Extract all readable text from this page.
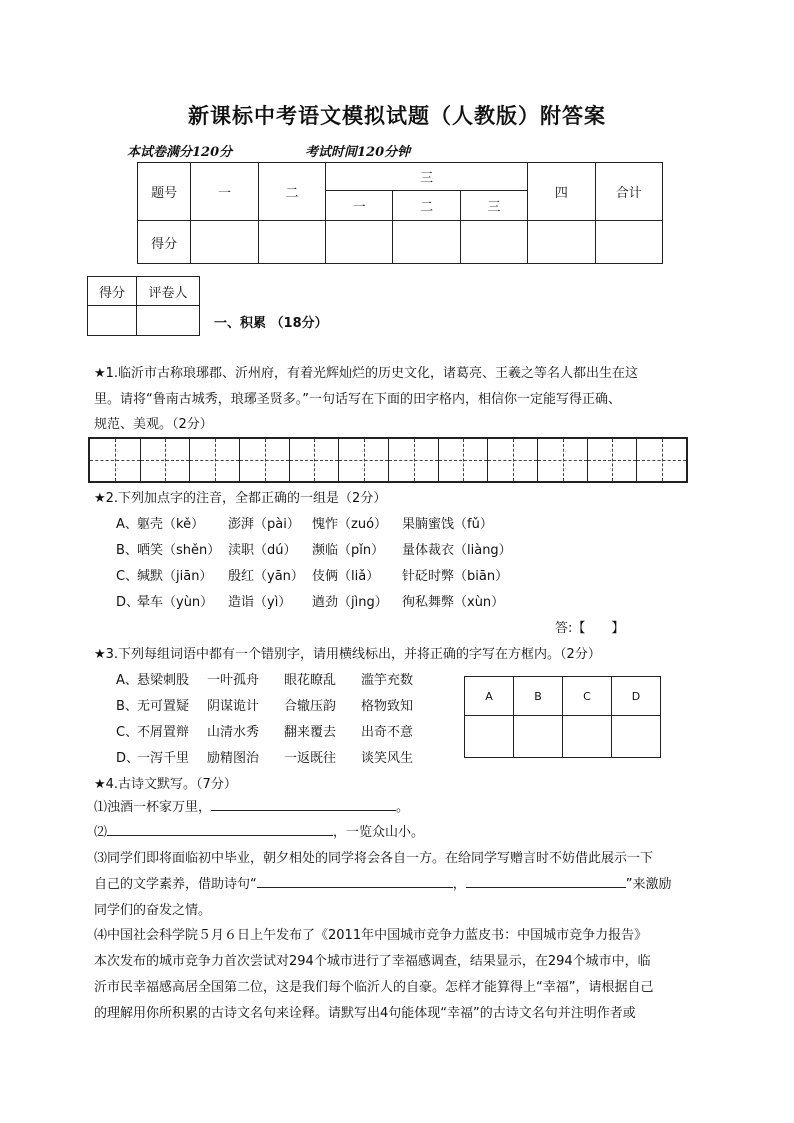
新课标中考语文模拟试题（人教版）附答案
本试卷满分120分	考试时间120分钟
题号	一	二	三			四	合计
			一	二	三		
得分							
得分	评卷人

一、积累 （18分）
★1.临沂市古称琅琊郡、沂州府，有着光辉灿烂的历史文化，诸葛亮、王羲之等名人都出生在这
里。请将“鲁南古城秀，琅琊圣贤多。”一句话写在下面的田字格内，相信你一定能写得正确、
规范、美观。（2分）
★2.下列加点字的注音，全都正确的一组是（2分）
A、 躯壳（kě） 澎湃（pài） 愧怍（zuó） 果腩蜜饯（fǔ）
B、 哂笑（shěn） 渎职（dú） 濒临（pǐn） 量体裁衣（liàng）
C、
缄默（jiān） 殷红（yān） 伎俩（liǎ） 针砭时弊（biān）
D、
晕车（yùn） 造诣（yì） 遒劲（jìng） 徇私舞弊（xùn）
答:【　　】
★3.下列每组词语中都有一个错别字，请用横线标出，并将正确的字写在方框内。（2分）
A、 悬梁刺股 一叶孤舟 眼花瞭乱 滥竽充数
B、 无可置疑 阴谋诡计 合辙压韵 格物致知
C、
不屑置辩 山清水秀 翻来覆去 出奇不意
D、
一泻千里 励精图治 一返既往 谈笑风生
A	B	C	D

★4.古诗文默写。（7分）
⑴浊酒一杯家万里，	。
⑵	，一览众山小。
⑶同学们即将面临初中毕业，朝夕相处的同学将会各自一方。在给同学写赠言时不妨借此展示一下
自己的文学素养，借助诗句“	，	”来激励
同学们的奋发之情。
⑷中国社会科学院５月６日上午发布了《2011年中国城市竞争力蓝皮书：中国城市竞争力报告》
本次发布的城市竞争力首次尝试对294个城市进行了幸福感调查，结果显示，在294个城市中，临
沂市民幸福感高居全国第二位，这是我们每个临沂人的自豪。怎样才能算得上“幸福”，请根据自己
的理解用你所积累的古诗文名句来诠释。请默写出4句能体现“幸福”的古诗文名句并注明作者或
